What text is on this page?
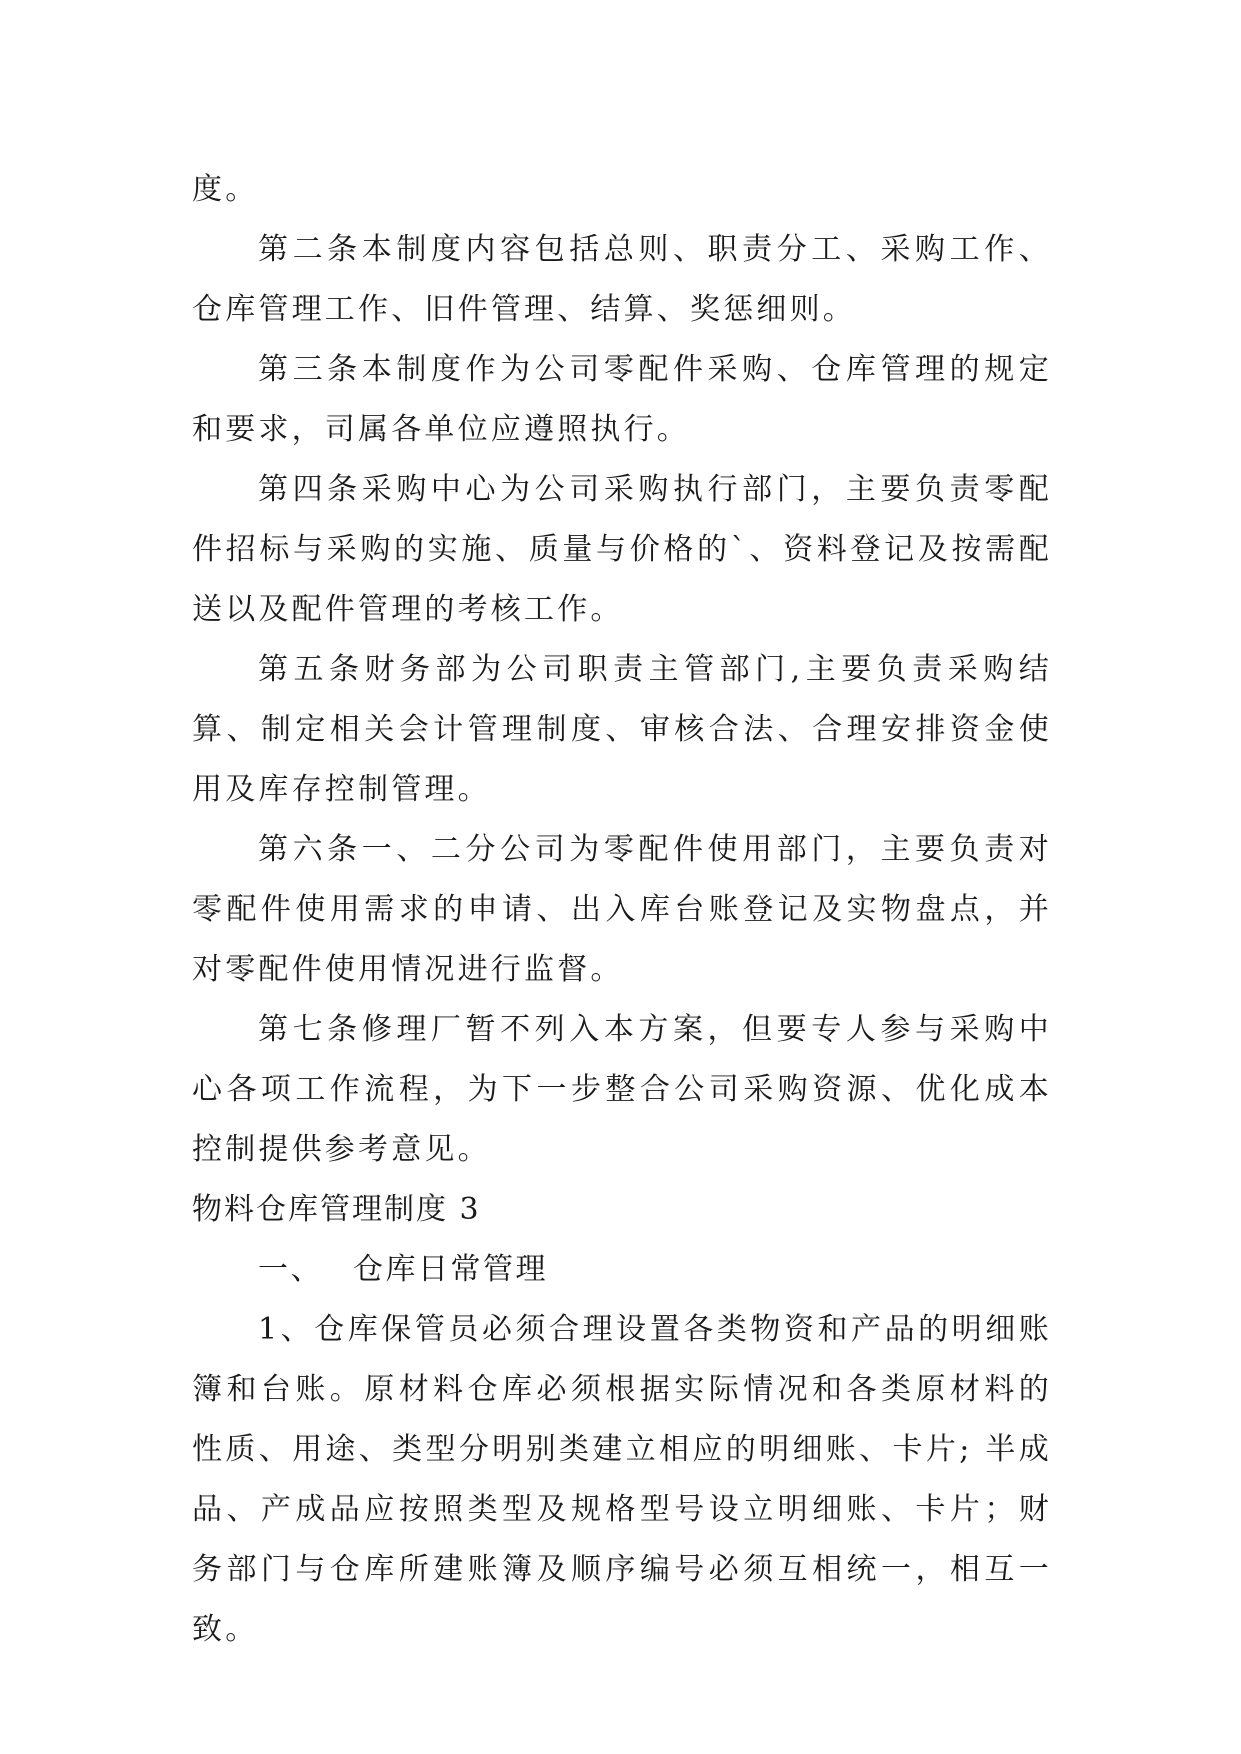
度。

第二条本制度内容包括总则、职责分工、采购工作、仓库管理工作、旧件管理、结算、奖惩细则。

第三条本制度作为公司零配件采购、仓库管理的规定和要求，司属各单位应遵照执行。

第四条采购中心为公司采购执行部门，主要负责零配件招标与采购的实施、质量与价格的`、资料登记及按需配送以及配件管理的考核工作。

第五条财务部为公司职责主管部门,主要负责采购结算、制定相关会计管理制度、审核合法、合理安排资金使用及库存控制管理。

第六条一、二分公司为零配件使用部门，主要负责对零配件使用需求的申请、出入库台账登记及实物盘点，并对零配件使用情况进行监督。

第七条修理厂暂不列入本方案，但要专人参与采购中心各项工作流程，为下一步整合公司采购资源、优化成本控制提供参考意见。

物料仓库管理制度 3

一、 仓库日常管理

1、仓库保管员必须合理设置各类物资和产品的明细账簿和台账。原材料仓库必须根据实际情况和各类原材料的性质、用途、类型分明别类建立相应的明细账、卡片; 半成品、产成品应按照类型及规格型号设立明细账、卡片；财务部门与仓库所建账簿及顺序编号必须互相统一，相互一致。
